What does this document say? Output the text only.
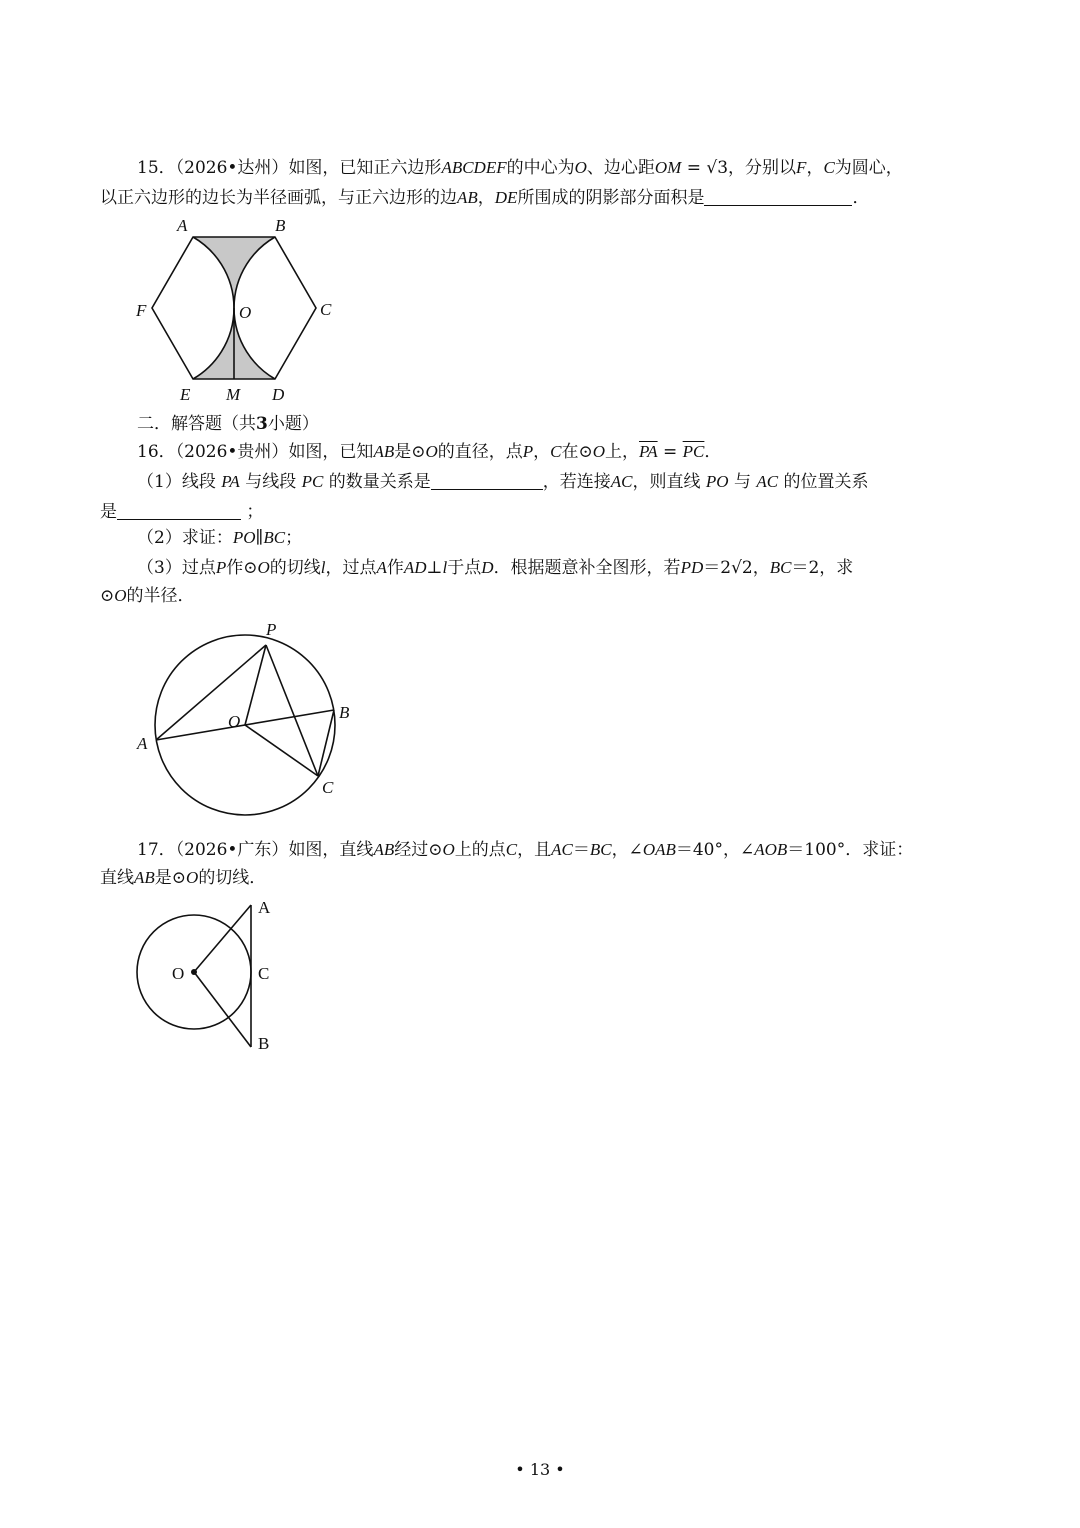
15．（2026•达州）如图，已知正六边形ABCDEF的中心为O、边心距OM = √3，分别以F，C为圆心，
以正六边形的边长为半径画弧，与正六边形的边AB，DE所围成的阴影部分面积是	．
A	B
C
D
E
F
M
O
二．解答题（共3小题）
16．（2026•贵州）如图，已知AB是⊙O的直径，点P，C在⊙O上，$\overline{PA} = \overline{PC}$．
（1）线段 PA 与线段 PC 的数量关系是	，若连接AC，则直线 PO 与 AC 的位置关系
是	；
（2）求证：PO∥BC；
（3）过点P作⊙O的切线l，过点A作AD⊥l于点D．根据题意补全图形，若PD＝2√2，BC＝2，求
⊙O的半径．
P
O
A
B
C
17．（2026•广东）如图，直线AB经过⊙O上的点C，且AC＝BC，∠OAB＝40°，∠AOB＝100°．求证：
直线AB是⊙O的切线．
A
O	C
B
• 13 •
